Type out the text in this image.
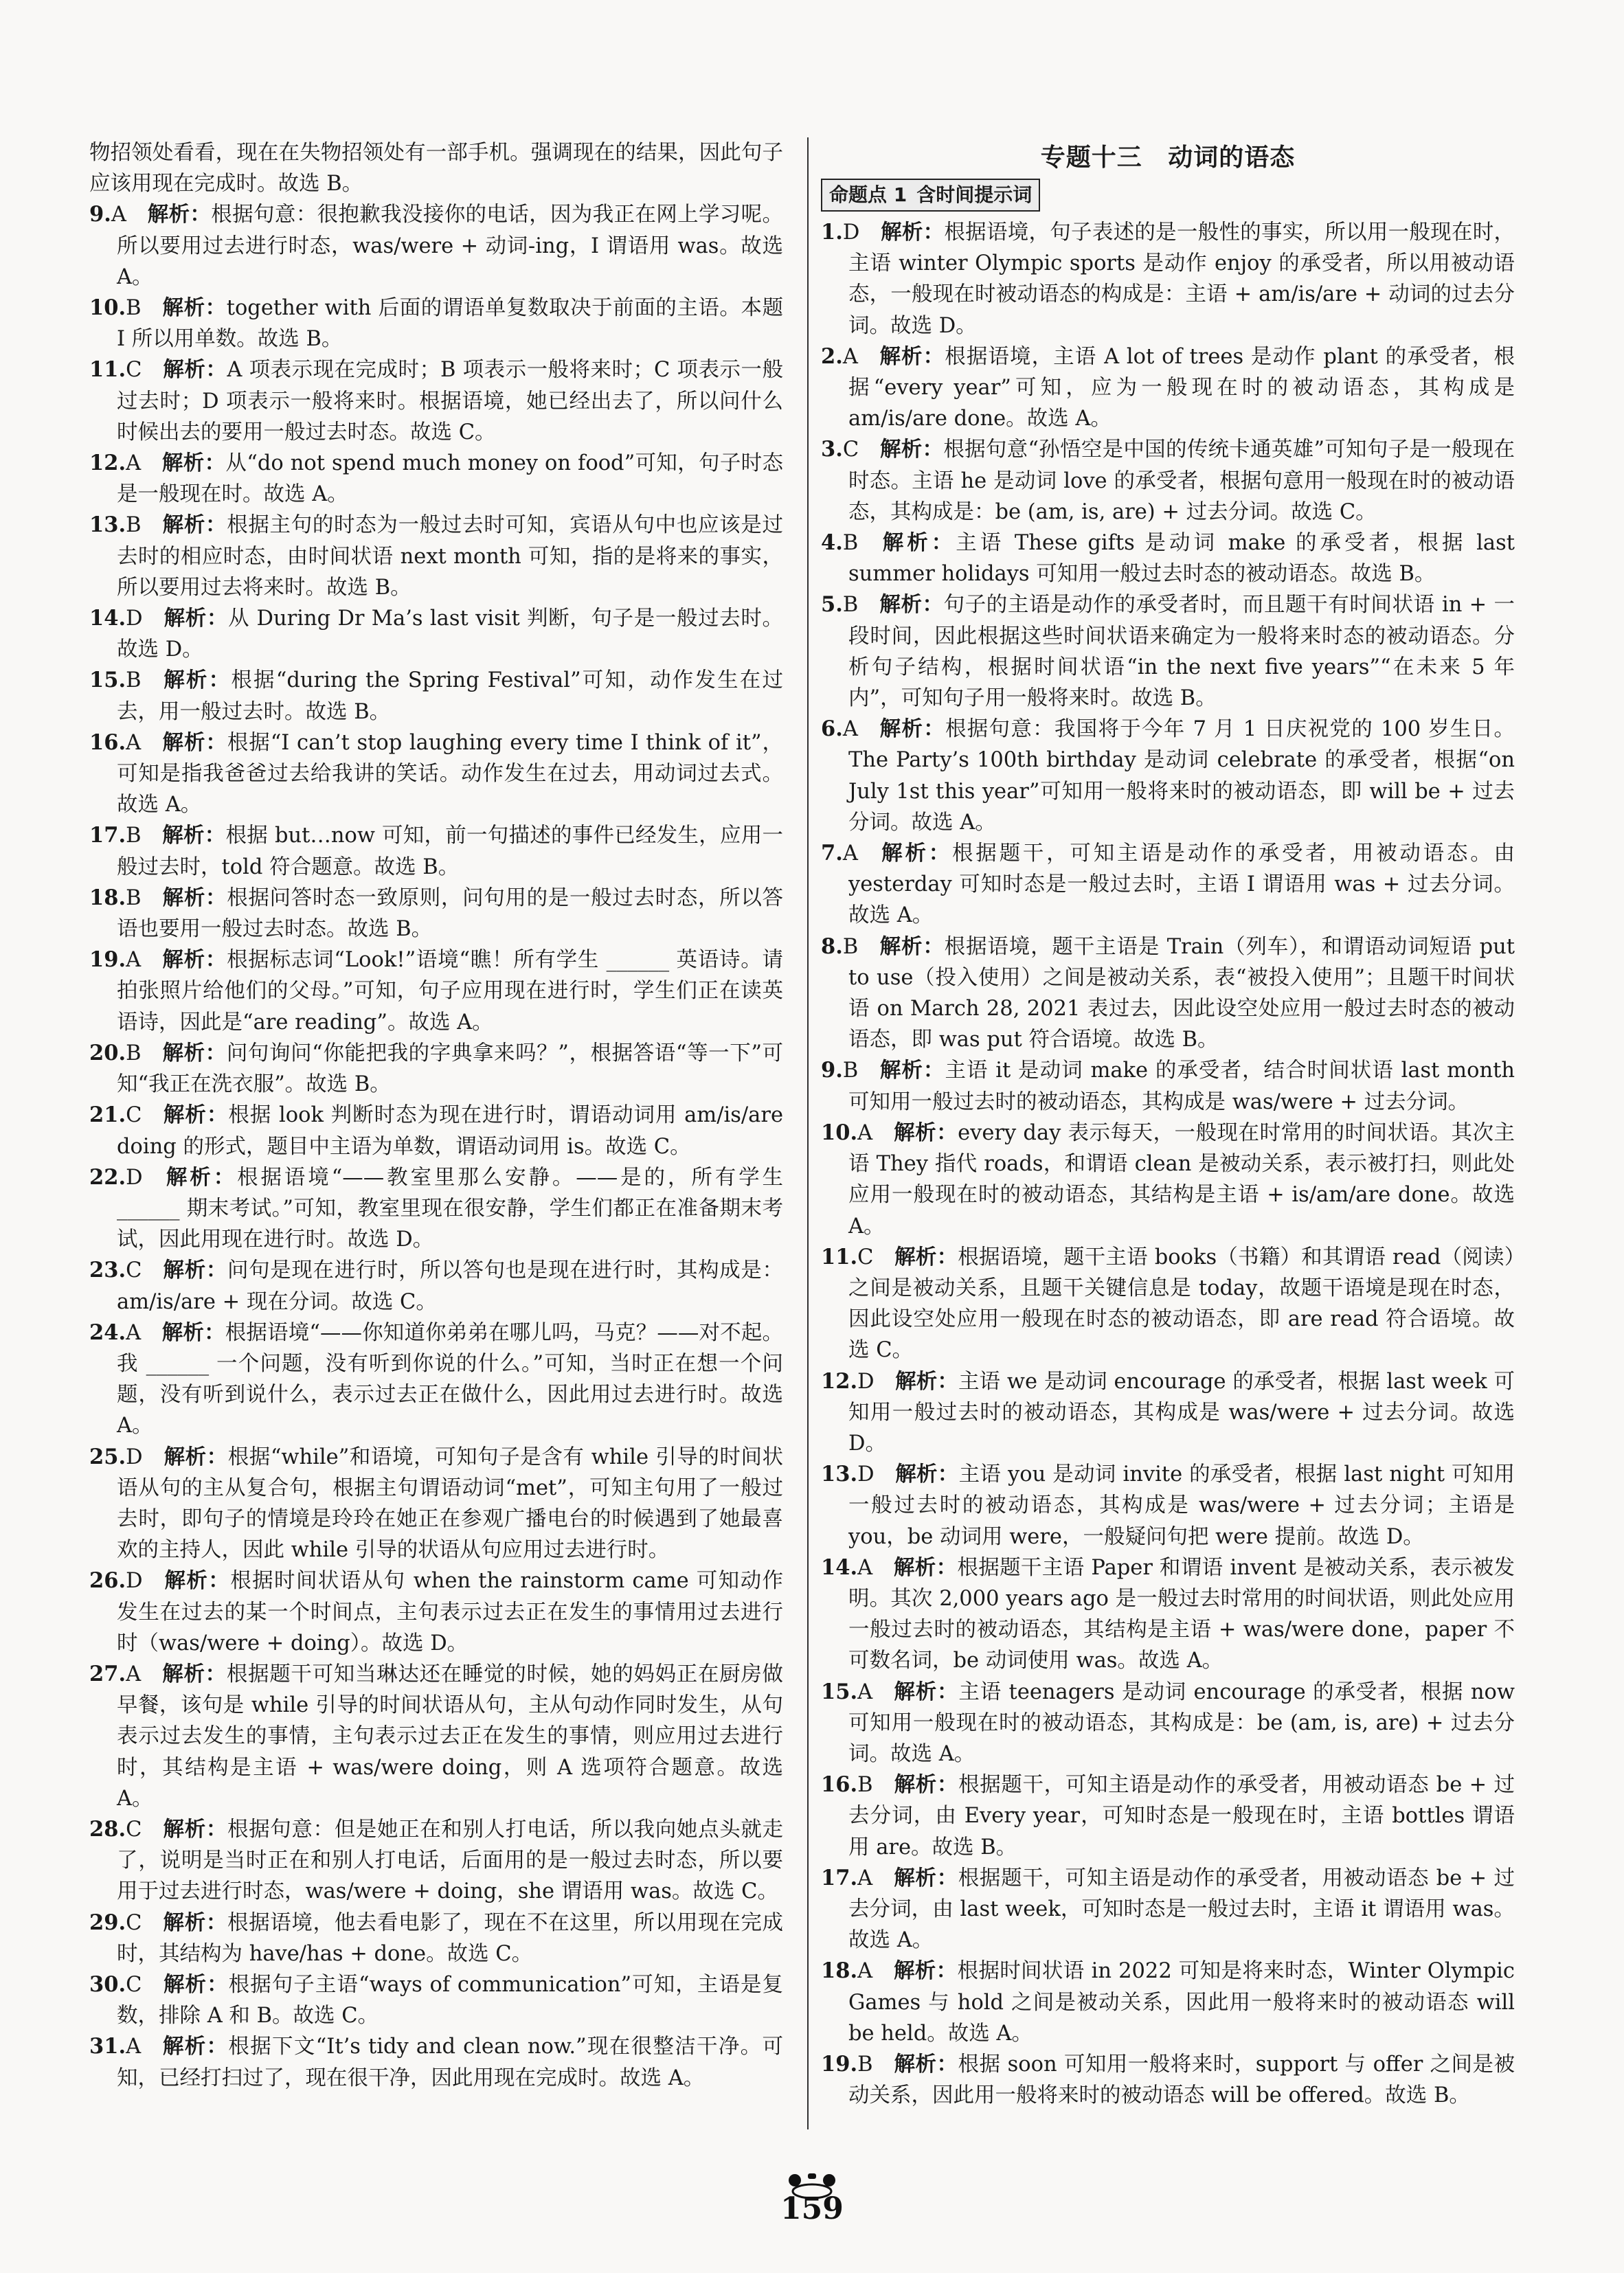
物招领处看看，现在在失物招领处有一部手机。强调现在的结果，因此句子应该用现在完成时。故选 B。

9.A   解析：根据句意：很抱歉我没接你的电话，因为我正在网上学习呢。所以要用过去进行时态，was/were + 动词-ing，I 谓语用 was。故选 A。

10.B   解析：together with 后面的谓语单复数取决于前面的主语。本题 I 所以用单数。故选 B。

11.C   解析：A 项表示现在完成时；B 项表示一般将来时；C 项表示一般过去时；D 项表示一般将来时。根据语境，她已经出去了，所以问什么时候出去的要用一般过去时态。故选 C。

12.A   解析：从“do not spend much money on food”可知，句子时态是一般现在时。故选 A。

13.B   解析：根据主句的时态为一般过去时可知，宾语从句中也应该是过去时的相应时态，由时间状语 next month 可知，指的是将来的事实，所以要用过去将来时。故选 B。

14.D   解析：从 During Dr Ma’s last visit 判断，句子是一般过去时。故选 D。

15.B   解析：根据“during the Spring Festival”可知，动作发生在过去，用一般过去时。故选 B。

16.A   解析：根据“I can’t stop laughing every time I think of it”，可知是指我爸爸过去给我讲的笑话。动作发生在过去，用动词过去式。故选 A。

17.B   解析：根据 but…now 可知，前一句描述的事件已经发生，应用一般过去时，told 符合题意。故选 B。

18.B   解析：根据问答时态一致原则，问句用的是一般过去时态，所以答语也要用一般过去时态。故选 B。

19.A   解析：根据标志词“Look!”语境“瞧！所有学生 ______ 英语诗。请拍张照片给他们的父母。”可知，句子应用现在进行时，学生们正在读英语诗，因此是“are reading”。故选 A。

20.B   解析：问句询问“你能把我的字典拿来吗？”，根据答语“等一下”可知“我正在洗衣服”。故选 B。

21.C   解析：根据 look 判断时态为现在进行时，谓语动词用 am/is/are doing 的形式，题目中主语为单数，谓语动词用 is。故选 C。

22.D   解析：根据语境“——教室里那么安静。——是的，所有学生 ______ 期末考试。”可知，教室里现在很安静，学生们都正在准备期末考试，因此用现在进行时。故选 D。

23.C   解析：问句是现在进行时，所以答句也是现在进行时，其构成是：am/is/are + 现在分词。故选 C。

24.A   解析：根据语境“——你知道你弟弟在哪儿吗，马克？——对不起。我 ______ 一个问题，没有听到你说的什么。”可知，当时正在想一个问题，没有听到说什么，表示过去正在做什么，因此用过去进行时。故选 A。

25.D   解析：根据“while”和语境，可知句子是含有 while 引导的时间状语从句的主从复合句，根据主句谓语动词“met”，可知主句用了一般过去时，即句子的情境是玲玲在她正在参观广播电台的时候遇到了她最喜欢的主持人，因此 while 引导的状语从句应用过去进行时。

26.D   解析：根据时间状语从句 when the rainstorm came 可知动作发生在过去的某一个时间点，主句表示过去正在发生的事情用过去进行时（was/were + doing）。故选 D。

27.A   解析：根据题干可知当琳达还在睡觉的时候，她的妈妈正在厨房做早餐，该句是 while 引导的时间状语从句，主从句动作同时发生，从句表示过去发生的事情，主句表示过去正在发生的事情，则应用过去进行时，其结构是主语 + was/were doing，则 A 选项符合题意。故选 A。

28.C   解析：根据句意：但是她正在和别人打电话，所以我向她点头就走了，说明是当时正在和别人打电话，后面用的是一般过去时态，所以要用于过去进行时态，was/were + doing，she 谓语用 was。故选 C。

29.C   解析：根据语境，他去看电影了，现在不在这里，所以用现在完成时，其结构为 have/has + done。故选 C。

30.C   解析：根据句子主语“ways of communication”可知，主语是复数，排除 A 和 B。故选 C。

31.A   解析：根据下文“It’s tidy and clean now.”现在很整洁干净。可知，已经打扫过了，现在很干净，因此用现在完成时。故选 A。

专题十三 动词的语态
命题点 1 含时间提示词

1.D   解析：根据语境，句子表述的是一般性的事实，所以用一般现在时，主语 winter Olympic sports 是动作 enjoy 的承受者，所以用被动语态，一般现在时被动语态的构成是：主语 + am/is/are + 动词的过去分词。故选 D。

2.A   解析：根据语境，主语 A lot of trees 是动作 plant 的承受者，根据“every year”可知，应为一般现在时的被动语态，其构成是 am/is/are done。故选 A。

3.C   解析：根据句意“孙悟空是中国的传统卡通英雄”可知句子是一般现在时态。主语 he 是动词 love 的承受者，根据句意用一般现在时的被动语态，其构成是：be (am, is, are) + 过去分词。故选 C。

4.B   解析：主语 These gifts 是动词 make 的承受者，根据 last summer holidays 可知用一般过去时态的被动语态。故选 B。

5.B   解析：句子的主语是动作的承受者时，而且题干有时间状语 in + 一段时间，因此根据这些时间状语来确定为一般将来时态的被动语态。分析句子结构，根据时间状语“in the next five years”“在未来 5 年内”，可知句子用一般将来时。故选 B。

6.A   解析：根据句意：我国将于今年 7 月 1 日庆祝党的 100 岁生日。The Party’s 100th birthday 是动词 celebrate 的承受者，根据“on July 1st this year”可知用一般将来时的被动语态，即 will be + 过去分词。故选 A。

7.A   解析：根据题干，可知主语是动作的承受者，用被动语态。由 yesterday 可知时态是一般过去时，主语 I 谓语用 was + 过去分词。故选 A。

8.B   解析：根据语境，题干主语是 Train（列车），和谓语动词短语 put to use（投入使用）之间是被动关系，表“被投入使用”；且题干时间状语 on March 28, 2021 表过去，因此设空处应用一般过去时态的被动语态，即 was put 符合语境。故选 B。

9.B   解析：主语 it 是动词 make 的承受者，结合时间状语 last month 可知用一般过去时的被动语态，其构成是 was/were + 过去分词。

10.A   解析：every day 表示每天，一般现在时常用的时间状语。其次主语 They 指代 roads，和谓语 clean 是被动关系，表示被打扫，则此处应用一般现在时的被动语态，其结构是主语 + is/am/are done。故选 A。

11.C   解析：根据语境，题干主语 books（书籍）和其谓语 read（阅读）之间是被动关系，且题干关键信息是 today，故题干语境是现在时态，因此设空处应用一般现在时态的被动语态，即 are read 符合语境。故选 C。

12.D   解析：主语 we 是动词 encourage 的承受者，根据 last week 可知用一般过去时的被动语态，其构成是 was/were + 过去分词。故选 D。

13.D   解析：主语 you 是动词 invite 的承受者，根据 last night 可知用一般过去时的被动语态，其构成是 was/were + 过去分词；主语是 you，be 动词用 were，一般疑问句把 were 提前。故选 D。

14.A   解析：根据题干主语 Paper 和谓语 invent 是被动关系，表示被发明。其次 2,000 years ago 是一般过去时常用的时间状语，则此处应用一般过去时的被动语态，其结构是主语 + was/were done，paper 不可数名词，be 动词使用 was。故选 A。

15.A   解析：主语 teenagers 是动词 encourage 的承受者，根据 now 可知用一般现在时的被动语态，其构成是：be (am, is, are) + 过去分词。故选 A。

16.B   解析：根据题干，可知主语是动作的承受者，用被动语态 be + 过去分词，由 Every year，可知时态是一般现在时，主语 bottles 谓语用 are。故选 B。

17.A   解析：根据题干，可知主语是动作的承受者，用被动语态 be + 过去分词，由 last week，可知时态是一般过去时，主语 it 谓语用 was。故选 A。

18.A   解析：根据时间状语 in 2022 可知是将来时态，Winter Olympic Games 与 hold 之间是被动关系，因此用一般将来时的被动语态 will be held。故选 A。

19.B   解析：根据 soon 可知用一般将来时，support 与 offer 之间是被动关系，因此用一般将来时的被动语态 will be offered。故选 B。

159
